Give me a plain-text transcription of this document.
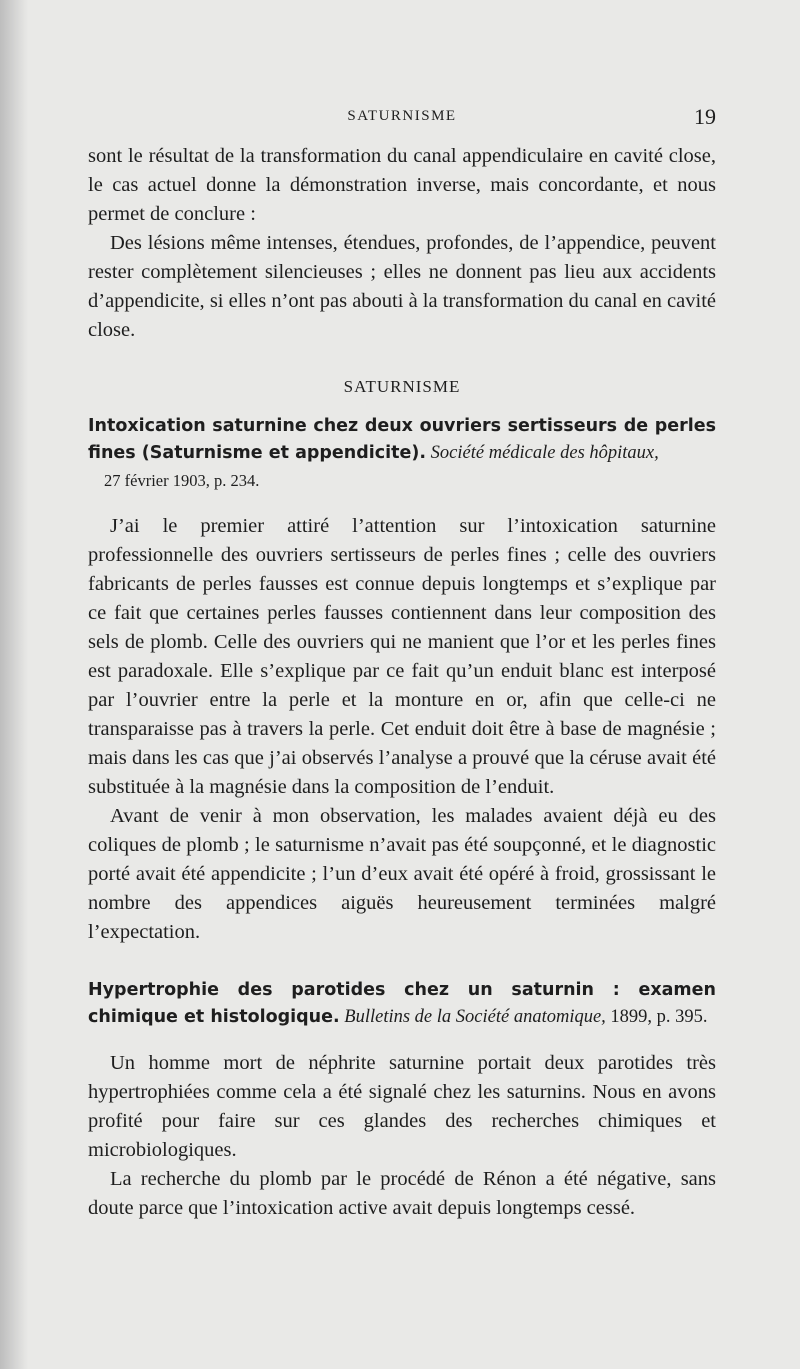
SATURNISME	19

sont le résultat de la transformation du canal appendiculaire en cavité close, le cas actuel donne la démonstration inverse, mais concordante, et nous permet de conclure :

Des lésions même intenses, étendues, profondes, de l’appendice, peuvent rester complètement silencieuses ; elles ne donnent pas lieu aux accidents d’appendicite, si elles n’ont pas abouti à la transformation du canal en cavité close.

SATURNISME

Intoxication saturnine chez deux ouvriers sertisseurs de perles fines (Saturnisme et appendicite). Société médicale des hôpitaux,
27 février 1903, p. 234.

J’ai le premier attiré l’attention sur l’intoxication saturnine professionnelle des ouvriers sertisseurs de perles fines ; celle des ouvriers fabricants de perles fausses est connue depuis longtemps et s’explique par ce fait que certaines perles fausses contiennent dans leur composition des sels de plomb. Celle des ouvriers qui ne manient que l’or et les perles fines est paradoxale. Elle s’explique par ce fait qu’un enduit blanc est interposé par l’ouvrier entre la perle et la monture en or, afin que celle-ci ne transparaisse pas à travers la perle. Cet enduit doit être à base de magnésie ; mais dans les cas que j’ai observés l’analyse a prouvé que la céruse avait été substituée à la magnésie dans la composition de l’enduit.

Avant de venir à mon observation, les malades avaient déjà eu des coliques de plomb ; le saturnisme n’avait pas été soupçonné, et le diagnostic porté avait été appendicite ; l’un d’eux avait été opéré à froid, grossissant le nombre des appendices aiguës heureusement terminées malgré l’expectation.

Hypertrophie des parotides chez un saturnin : examen chimique et histologique. Bulletins de la Société anatomique, 1899, p. 395.

Un homme mort de néphrite saturnine portait deux parotides très hypertrophiées comme cela a été signalé chez les saturnins. Nous en avons profité pour faire sur ces glandes des recherches chimiques et microbiologiques.

La recherche du plomb par le procédé de Rénon a été négative, sans doute parce que l’intoxication active avait depuis longtemps cessé.
